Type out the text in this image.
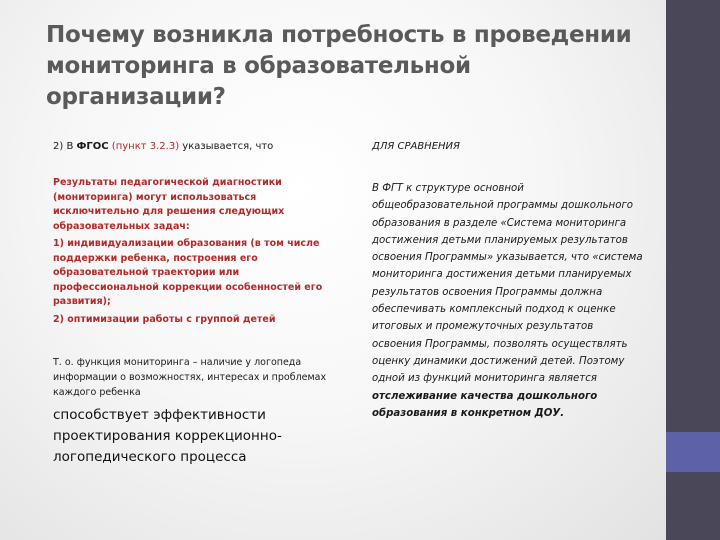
Почему возникла потребность в проведении мониторинга в образовательной организации?
2) В ФГОС (пункт 3.2.3) указывается, что

Результаты педагогической диагностики (мониторинга) могут использоваться исключительно для решения следующих образовательных задач:

1) индивидуализации образования (в том числе поддержки ребенка, построения его образовательной траектории или профессиональной коррекции особенностей его развития);

2) оптимизации работы с группой детей

Т. о. функция мониторинга – наличие у логопеда информации о возможностях, интересах и проблемах каждого ребенка
способствует эффективности проектирования коррекционно-логопедического процесса
ДЛЯ СРАВНЕНИЯ
В ФГТ к структуре основной общеобразовательной программы дошкольного образования в разделе «Система мониторинга достижения детьми планируемых результатов освоения Программы» указывается, что «система мониторинга достижения детьми планируемых результатов освоения Программы должна обеспечивать комплексный подход к оценке итоговых и промежуточных результатов освоения Программы, позволять осуществлять оценку динамики достижений детей. Поэтому одной из функций мониторинга является отслеживание качества дошкольного образования в конкретном ДОУ.
